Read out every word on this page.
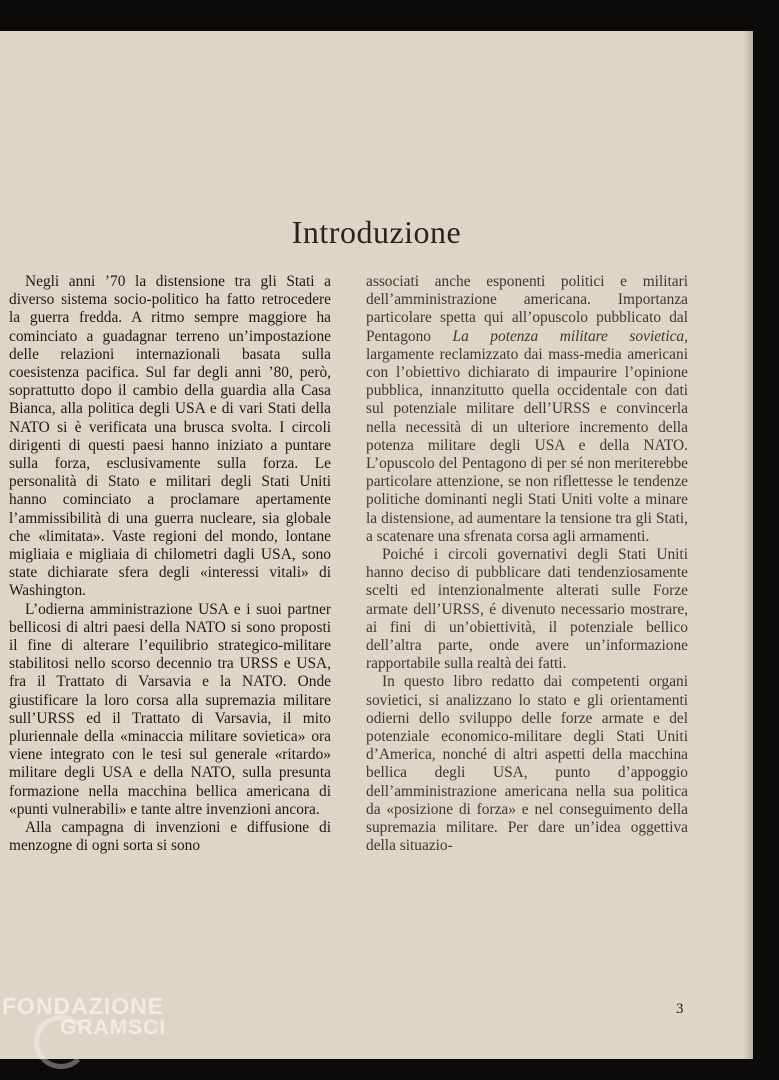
Introduzione

Negli anni ’70 la distensione tra gli Stati a diverso sistema socio-politico ha fatto retrocedere la guerra fredda. A ritmo sempre maggiore ha cominciato a guadagnar terreno un’impostazione delle relazioni internazionali basata sulla coesistenza pacifica. Sul far degli anni ’80, però, soprattutto dopo il cambio della guardia alla Casa Bianca, alla politica degli USA e di vari Stati della NATO si è verificata una brusca svolta. I circoli dirigenti di questi paesi hanno iniziato a puntare sulla forza, esclusivamente sulla forza. Le personalità di Stato e militari degli Stati Uniti hanno cominciato a proclamare apertamente l’ammissibilità di una guerra nucleare, sia globale che «limitata». Vaste regioni del mondo, lontane migliaia e migliaia di chilometri dagli USA, sono state dichiarate sfera degli «interessi vitali» di Washington.

L’odierna amministrazione USA e i suoi partner bellicosi di altri paesi della NATO si sono proposti il fine di alterare l’equilibrio strategico-militare stabilitosi nello scorso decennio tra URSS e USA, fra il Trattato di Varsavia e la NATO. Onde giustificare la loro corsa alla supremazia militare sull’URSS ed il Trattato di Varsavia, il mito pluriennale della «minaccia militare sovietica» ora viene integrato con le tesi sul generale «ritardo» militare degli USA e della NATO, sulla presunta formazione nella macchina bellica americana di «punti vulnerabili» e tante altre invenzioni ancora.

Alla campagna di invenzioni e diffusione di menzogne di ogni sorta si sono

associati anche esponenti politici e militari dell’amministrazione americana. Importanza particolare spetta qui all’opuscolo pubblicato dal Pentagono La potenza militare sovietica, largamente reclamizzato dai mass-media americani con l’obiettivo dichiarato di impaurire l’opinione pubblica, innanzitutto quella occidentale con dati sul potenziale militare dell’URSS e convincerla nella necessità di un ulteriore incremento della potenza militare degli USA e della NATO. L’opuscolo del Pentagono di per sé non meriterebbe particolare attenzione, se non riflettesse le tendenze politiche dominanti negli Stati Uniti volte a minare la distensione, ad aumentare la tensione tra gli Stati, a scatenare una sfrenata corsa agli armamenti.

Poiché i circoli governativi degli Stati Uniti hanno deciso di pubblicare dati tendenziosamente scelti ed intenzionalmente alterati sulle Forze armate dell’URSS, é divenuto necessario mostrare, ai fini di un’obiettività, il potenziale bellico dell’altra parte, onde avere un’informazione rapportabile sulla realtà dei fatti.

In questo libro redatto dai competenti organi sovietici, si analizzano lo stato e gli orientamenti odierni dello sviluppo delle forze armate e del potenziale economico-militare degli Stati Uniti d’America, nonché di altri aspetti della macchina bellica degli USA, punto d’appoggio dell’amministrazione americana nella sua politica da «posizione di forza» e nel conseguimento della supremazia militare. Per dare un’idea oggettiva della situazio-

3
FONDAZIONE
GRAMSCI
